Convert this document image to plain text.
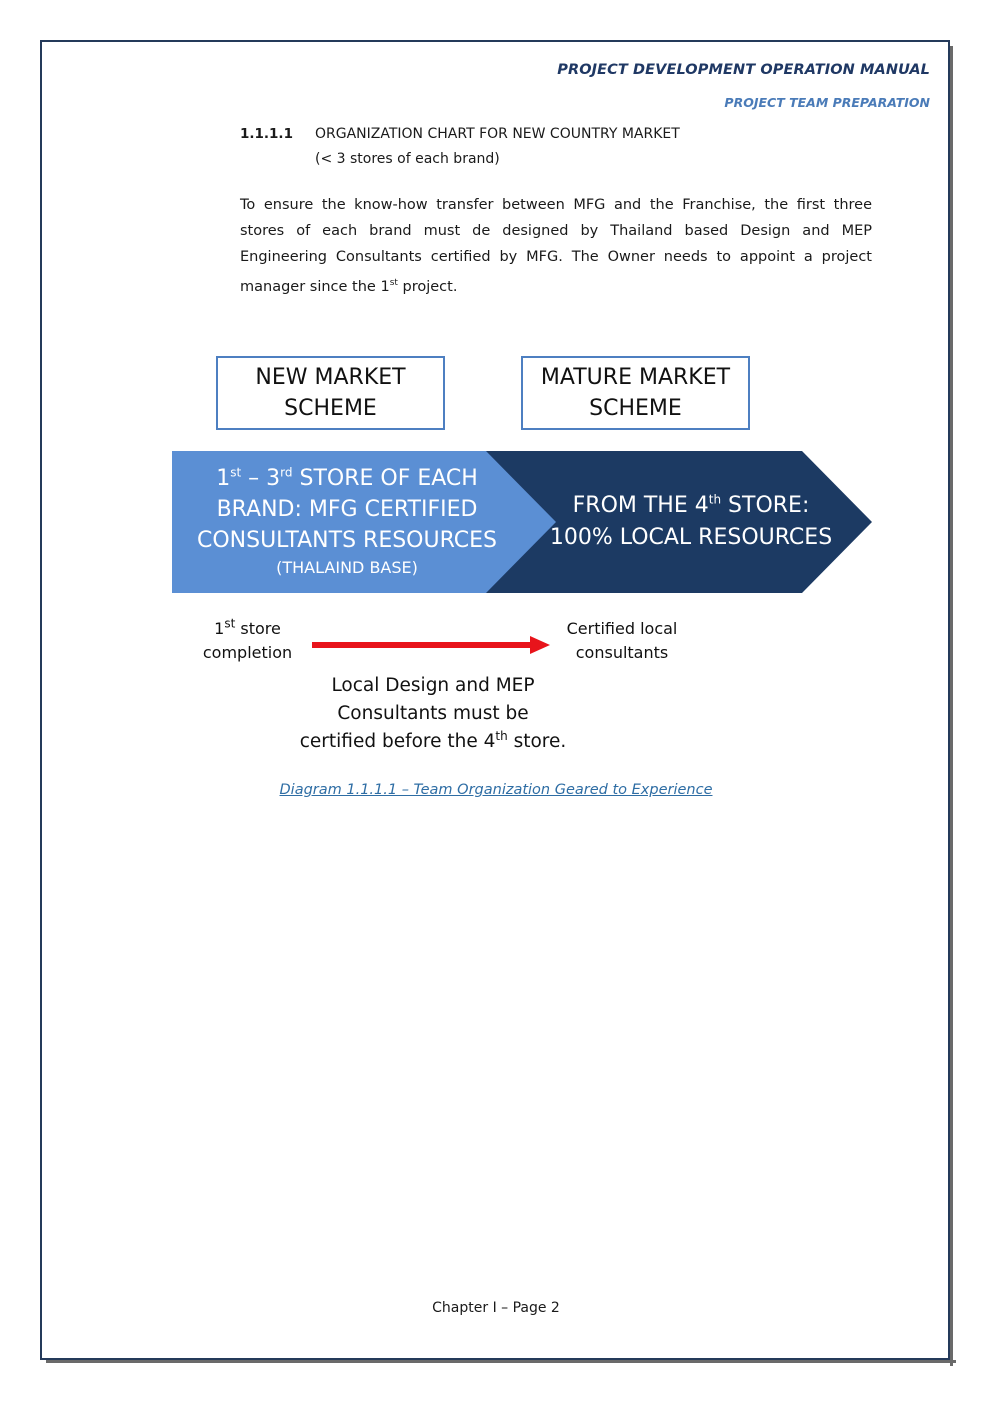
PROJECT DEVELOPMENT OPERATION MANUAL
PROJECT TEAM PREPARATION
1.1.1.1 ORGANIZATION CHART FOR NEW COUNTRY MARKET
(< 3 stores of each brand)
To ensure the know-how transfer between MFG and the Franchise, the first three stores of each brand must de designed by Thailand based Design and MEP Engineering Consultants certified by MFG. The Owner needs to appoint a project manager since the 1st project.
NEW MARKET
SCHEME
MATURE MARKET
SCHEME
1st – 3rd STORE OF EACH
BRAND: MFG CERTIFIED
CONSULTANTS RESOURCES
(THALAIND BASE)
FROM THE 4th STORE:
100% LOCAL RESOURCES
1st store
completion
Certified local
consultants
Local Design and MEP
Consultants must be
certified before the 4th store.
Diagram 1.1.1.1 – Team Organization Geared to Experience
Chapter I – Page 2
